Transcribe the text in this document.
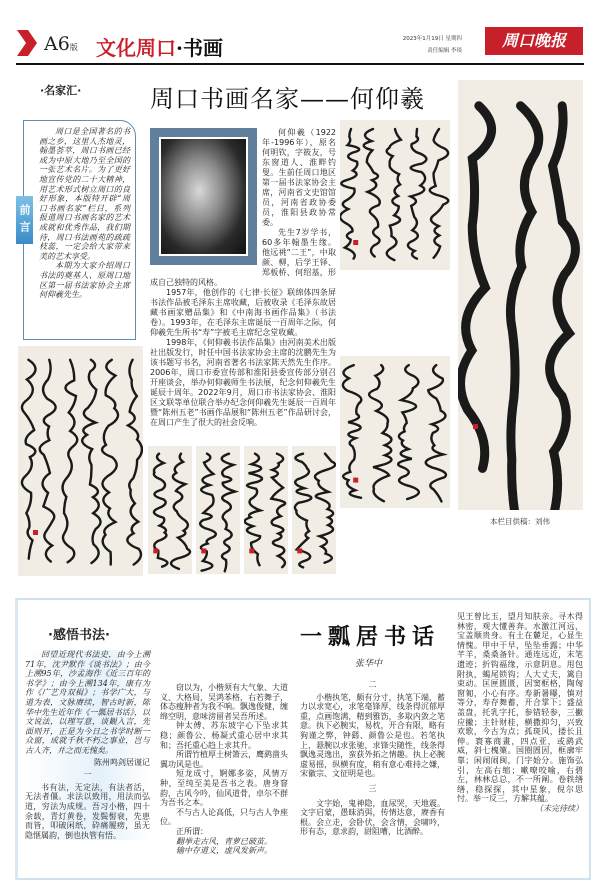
A6版 文化周口·书画	2023年1月19日 星期四
责任编辑 李琰
周口晚报
·名家汇·	周口书画名家——何仰羲

周口是全国著名的书画之乡，这里人杰地灵，翰墨荟萃，周口书画已经成为中原大地乃至全国的一张艺术名片。为了更好地宣传党的二十大精神，用艺术形式树立周口的良好形象，本版特开辟“周口书画名家”栏目，系列报道周口书画名家的艺术成就和优秀作品，我们期待，周口书法画苑的疏疏枝蕊，一定会给大家带来美的艺术享受。

本期为大家介绍周口书法的奠基人、原周口地区第一届书法家协会主席何仰羲先生。

前言

何仰羲（1922年-1996年），原名何明钦，字筱友，号东窗道人、淮畔钓叟。生前任周口地区第一届书法家协会主席，河南省文史馆馆员，河南省政协委员，淮阳县政协常委。

先生7岁学书，60多年翰墨生缘。他远祧“二王”，中取颜、柳，后学王铎、郑板桥、何绍基，形成自己独特的风格。

1957年，他创作的《七律·长征》联绵体四条屏书法作品被毛泽东主席收藏，后被收录《毛泽东故居藏书画家赠品集》和《中南海书画作品集》（书法卷）。1993年，在毛泽东主席诞辰一百周年之际，何仰羲先生所书“寿”字被毛主席纪念堂收藏。

1998年，《何仰羲书法作品集》由河南美术出版社出版发行，时任中国书法家协会主席的沈鹏先生为该书题写书名，河南省著名书法家陈天然先生作序。2006年，周口市委宣传部和淮阳县委宣传部分别召开座谈会，举办何仰羲师生书法展，纪念何仰羲先生诞辰十周年。2022年9月，周口市书法家协会、淮阳区文联等单位联合举办纪念何仰羲先生诞辰一百周年暨“陈州五老”书画作品展和“陈州五老”作品研讨会，在周口产生了很大的社会反响。

本栏目供稿：刘伟
·感悟书法·

回望近现代书法史，由今上溯71年，沈尹默作《谈书法》；由今上溯95年，沙孟海作《近三百年的书学》；由今上溯134年，康有为作《广艺舟双楫》；书学广大，与道为表，文脉赓续，智古时新，陈华中先生近年作《一瓢居书话》，以文说法，以理写意，谈観入言，先面则开，正是为今日之书学时断一众窗，成就千秋不朽之事业，岂与古人齐，并之而无愧矣。

陈州鸣剑居谨记
一

书有法，无定法，有法者活，无法者僵。求法以致用，用法而弘道，穷法为成规。吾习小楷，四十余载，青灯黄卷，发鬓髻衰，先患而皆，叩破闲纸，砕痛履痨，虽无隐惬属韵，倒也执管有悟。

窃以为，小楷须有大气象、大道义、大格局，吴鸿苯格，右若舞子，体态瘦肿者为我不响。飘逸俊健，缠绵空明，意味滂留者吴吾所述。

钟太傅、苏东坡字心下坠求其稳；颜鲁公、杨凝式重心居中求其和；吾托重心趋上求其升。

所谓竹植厚土树箫云，鹰鹞凿头翼功风是也。

短龙成寸，婀娜多姿，风情万种，至纯至美是吾书之表。唐身窨韵，古风今吟，仙风道骨，卓尔不群为吾书之本。

不与古人论高低，只与古人争座位。

正所谓：

翻挙走古风，青萝已破茧。

输中存道义，虚风发新声。

一瓢居书话
张华中
二

小楷执笔，颇有分寸，执笔下端，蓄力以求宽心，求笔毫锋厚，线条得沉郁厚重，点画饱满，精到雅饬，多取内敛之笔意。执下必腕实，易枕，开合有限，略有狗谨之弊，钟繇、颜鲁公是也。若笔执上，悬腕以求张驰，求锋尖随性，线条得飘逸灵逸出，蛮获外拓之情趣。执上必腕虚易摇，纵横有度，稍有意心难持之嫌，宋徽宗、文征明是也。

三

文字始，鬼神隐，血尿哭，天地震。文字启蒙，愚昧消弭，传情达意，赓香有根。会立走，会卧伏，会含情，会啸吟，形有态，意求韵，尉阻嘈，比酒酔。

见王曾比玉，望月知肤亲。寻木得林密，观大懂善奔。水激江河远，宝盖顺贵身。有土在麓足，心显生情愧。甲中干早，坠坠垂露；中华芊羊，桑桑备针。通连远近，末笔遗迹；折钩福缘，示意阴息。甩包附执，蝎尾锁钩；人大丈夫，篱自束动。匡匣匮匮，因窦框格，陶匈窗匍，小心有序。寿新暑曝，慎对等分，寿存舞蓄，开合掌下；盛益盖盘，托乳字托，参错轻参，三撇应撇；主针财桂，横撒抑匀，兴致欢歌，今古为点；孤斑风，搂长且伸。寰寡商畫，四点亚，或鹞武威，斜七槐篥。国圈圄因，框廓牢靠；闲闹闹闽，门字始分。施饰弘引，左高右缩；嗽嘹咬喻，右碧左，林林总总，不一所阐。卷轶缮缮，稳探探，其中星象，倪尔思忖。举一反三，方解其蕴。
（未完待续）
